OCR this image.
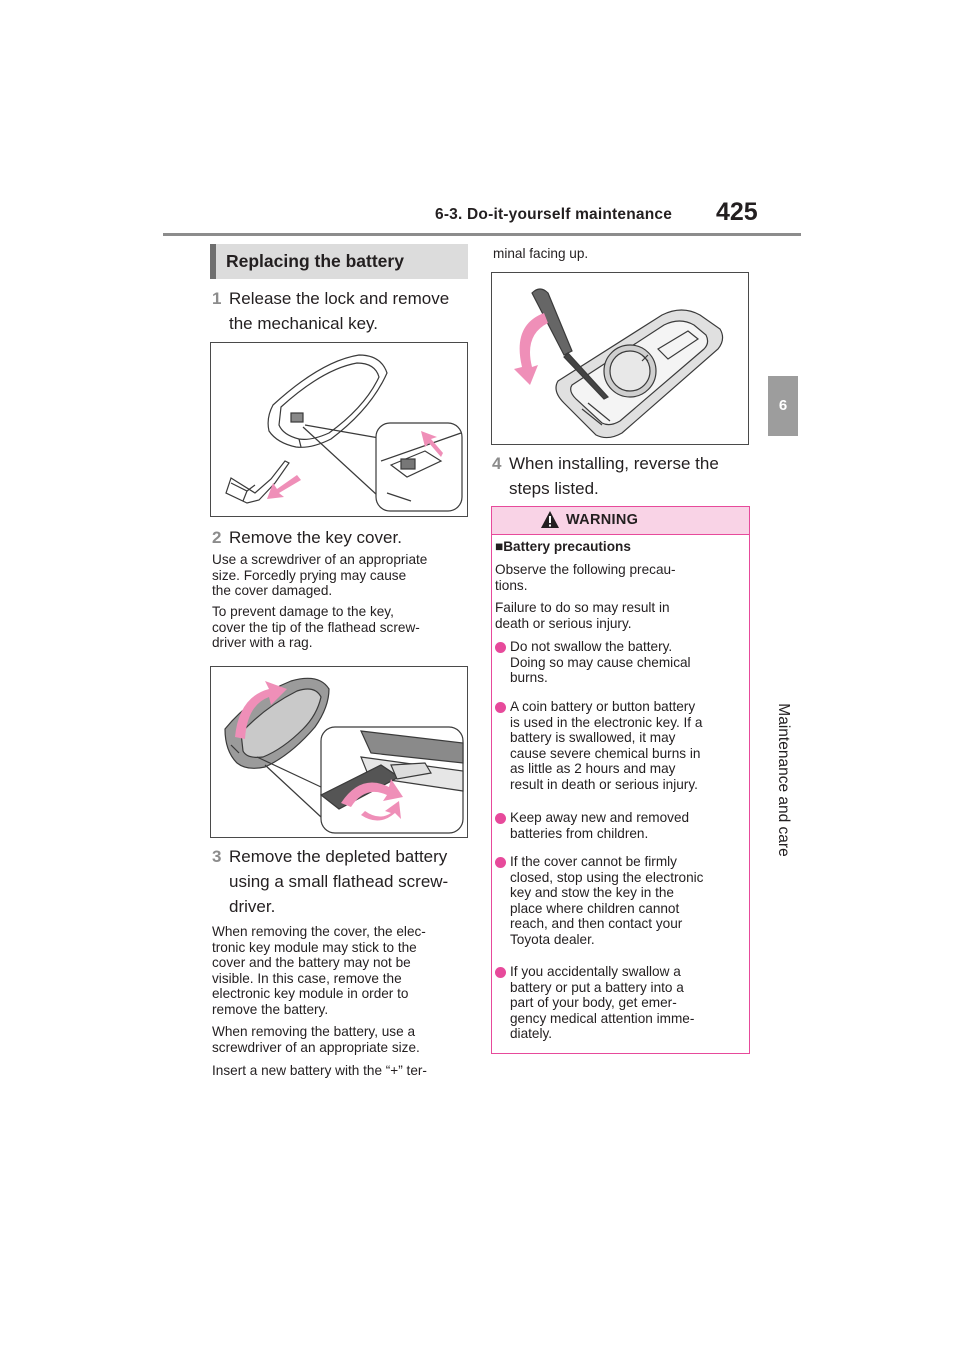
6-3. Do-it-yourself maintenance 425
6
Maintenance and care
Replacing the battery
1 Release the lock and remove
the mechanical key.
2 Remove the key cover.
Use a screwdriver of an appropriate
size. Forcedly prying may cause
the cover damaged.
To prevent damage to the key,
cover the tip of the flathead screw-
driver with a rag.
3 Remove the depleted battery
using a small flathead screw-
driver.
When removing the cover, the elec-
tronic key module may stick to the
cover and the battery may not be
visible. In this case, remove the
electronic key module in order to
remove the battery.
When removing the battery, use a
screwdriver of an appropriate size.
Insert a new battery with the “+” ter-
minal facing up.
4 When installing, reverse the
steps listed.
WARNING
■Battery precautions
Observe the following precau-
tions.
Failure to do so may result in
death or serious injury.
Do not swallow the battery.
Doing so may cause chemical
burns.
A coin battery or button battery
is used in the electronic key. If a
battery is swallowed, it may
cause severe chemical burns in
as little as 2 hours and may
result in death or serious injury.
Keep away new and removed
batteries from children.
If the cover cannot be firmly
closed, stop using the electronic
key and stow the key in the
place where children cannot
reach, and then contact your
Toyota dealer.
If you accidentally swallow a
battery or put a battery into a
part of your body, get emer-
gency medical attention imme-
diately.
